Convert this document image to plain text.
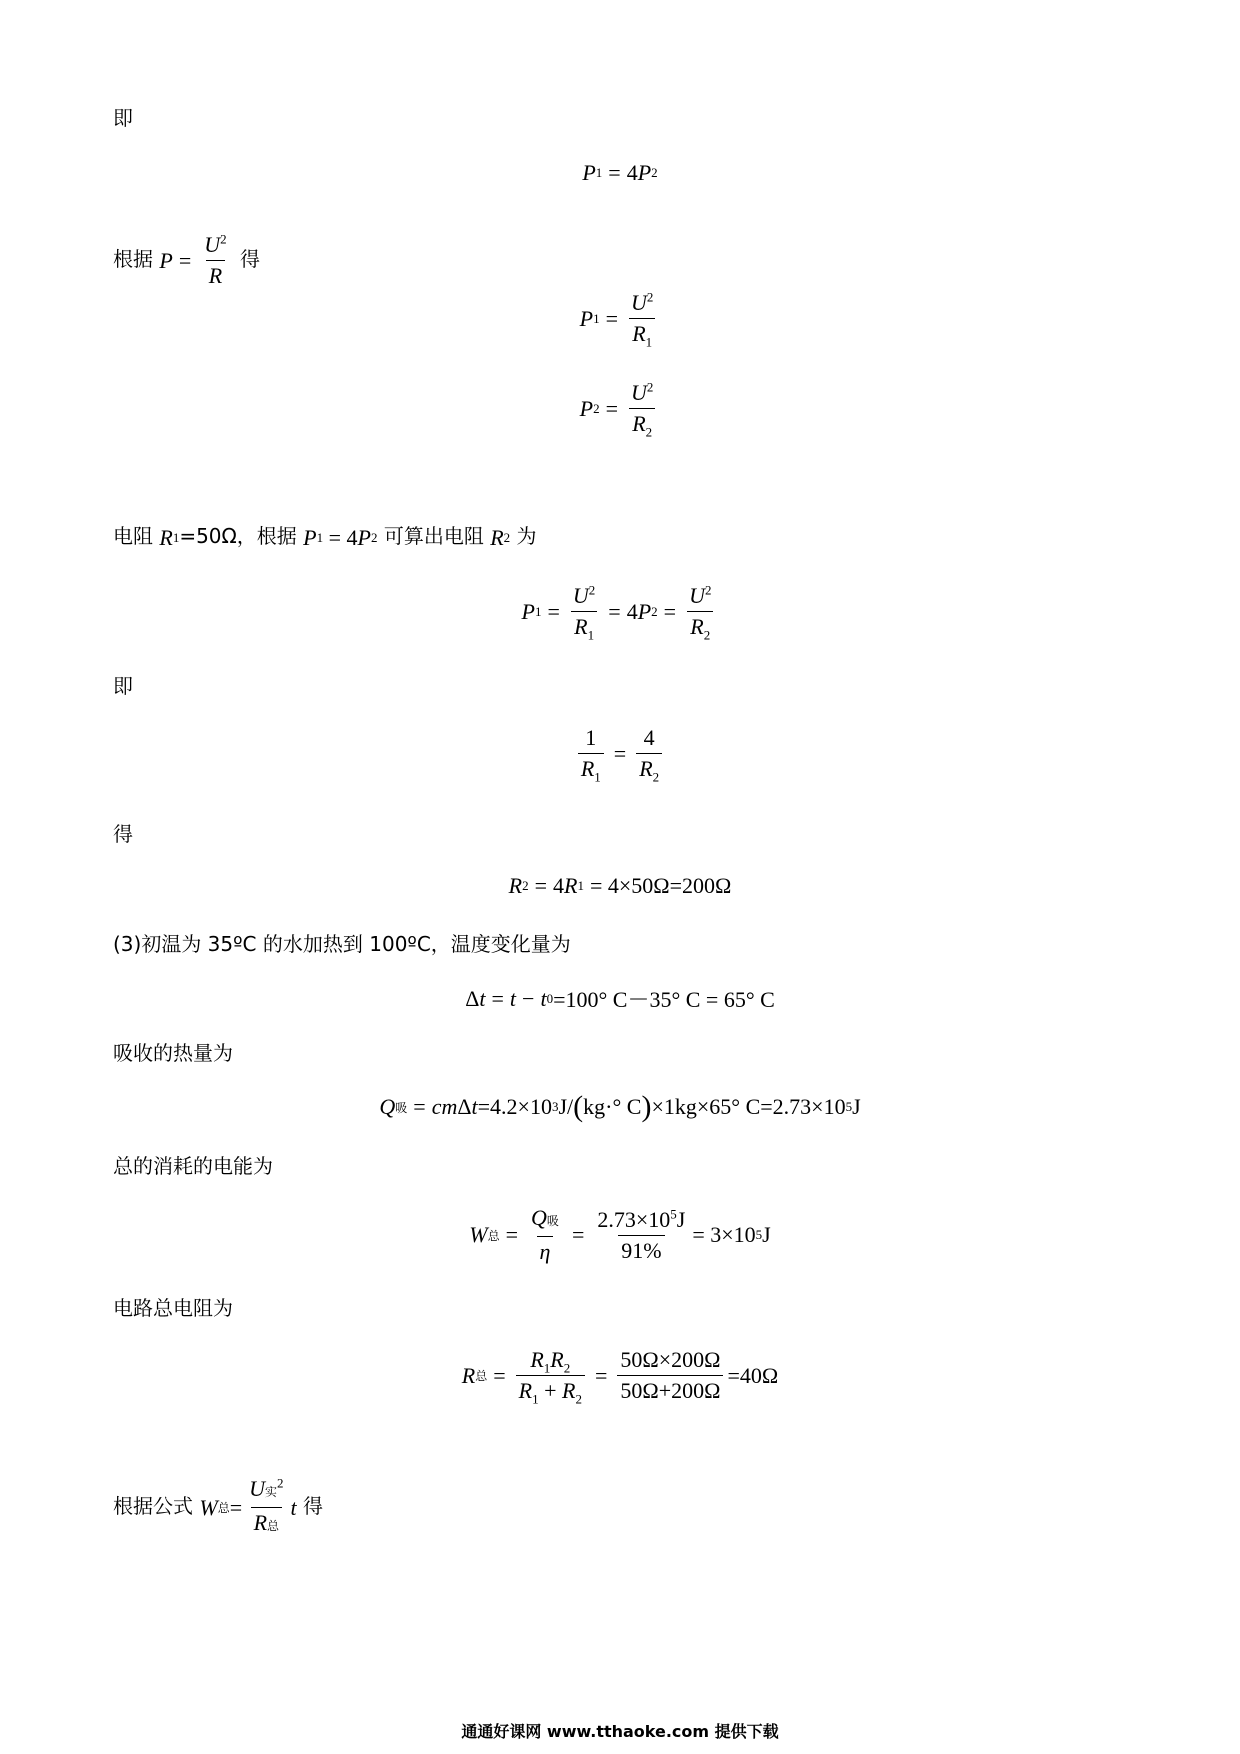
即
P 1 = 4 P 2
根据 $P = \frac{U^2}{R}$ 得
P $1 = \frac{U^2}{R_1}$
P $2 = \frac{U^2}{R_2}$
电阻 R 1 =50Ω，根据 P 1 = 4 P 2 可算出电阻 R 2 为
P $1 = \frac{U^2}{R_1} = 4$ P $2 = \frac{U^2}{R_2}$
即
$\frac{1}{R_1} = \frac{4}{R_2}$
得
R 2 = 4 R 1 = 4×50Ω=200Ω
(3)初温为 35ºC 的水加热到 100ºC，温度变化量为
Δ t = t − t 0 =100° C－35° C = 65° C
吸收的热量为
Q 吸 = cm Δ t = 4.2×10 3 J/ ( kg·° C ) ×1kg×65° C=2.73×10 5 J
总的消耗的电能为
W 总 = $\frac{\text{Q吸}}{\eta} = \frac{2.73\times 10^5J}{91\%} = 3\times 10$ 5 J
电路总电阻为
R 总 = $\frac{R_1R_2}{R_1 + R_2} = \frac{50\Omega\times 200\Omega}{50\Omega+200\Omega} =40\Omega$
根据公式 W 总 = $\frac{U实^2}{\text{R总}}$ t 得
通通好课网 www.tthaoke.com 提供下载
